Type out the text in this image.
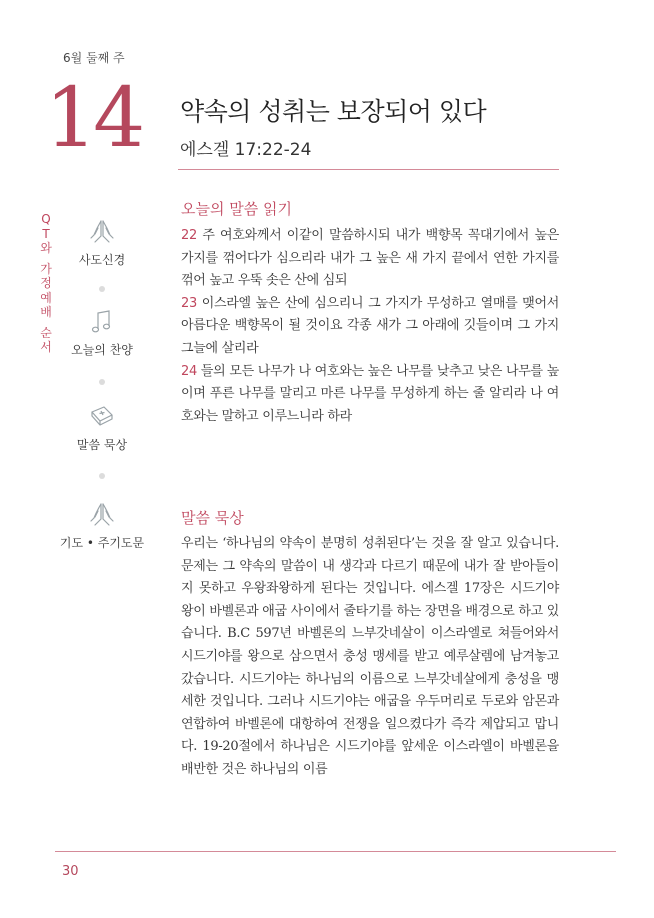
6월 둘째 주
14 약속의 성취는 보장되어 있다
에스겔 17:22-24
Q
T
와
가
정
예
배
순
서
사도신경
오늘의 찬양
말씀 묵상
기도 • 주기도문
오늘의 말씀 읽기
22 주 여호와께서 이같이 말씀하시되 내가 백향목 꼭대기에서 높은 가지를 꺾어다가 심으리라 내가 그 높은 새 가지 끝에서 연한 가지를 꺾어 높고 우뚝 솟은 산에 심되
23 이스라엘 높은 산에 심으리니 그 가지가 무성하고 열매를 맺어서 아름다운 백향목이 될 것이요 각종 새가 그 아래에 깃들이며 그 가지 그늘에 살리라
24 들의 모든 나무가 나 여호와는 높은 나무를 낮추고 낮은 나무를 높이며 푸른 나무를 말리고 마른 나무를 무성하게 하는 줄 알리라 나 여호와는 말하고 이루느니라 하라
말씀 묵상
우리는 ‘하나님의 약속이 분명히 성취된다’는 것을 잘 알고 있습니다. 문제는 그 약속의 말씀이 내 생각과 다르기 때문에 내가 잘 받아들이지 못하고 우왕좌왕하게 된다는 것입니다. 에스겔 17장은 시드기야 왕이 바벨론과 애굽 사이에서 줄타기를 하는 장면을 배경으로 하고 있습니다. B.C 597년 바벨론의 느부갓네살이 이스라엘로 쳐들어와서 시드기야를 왕으로 삼으면서 충성 맹세를 받고 예루살렘에 남겨놓고 갔습니다. 시드기야는 하나님의 이름으로 느부갓네살에게 충성을 맹세한 것입니다. 그러나 시드기야는 애굽을 우두머리로 두로와 암몬과 연합하여 바벨론에 대항하여 전쟁을 일으켰다가 즉각 제압되고 맙니다. 19-20절에서 하나님은 시드기야를 앞세운 이스라엘이 바벨론을 배반한 것은 하나님의 이름
30
